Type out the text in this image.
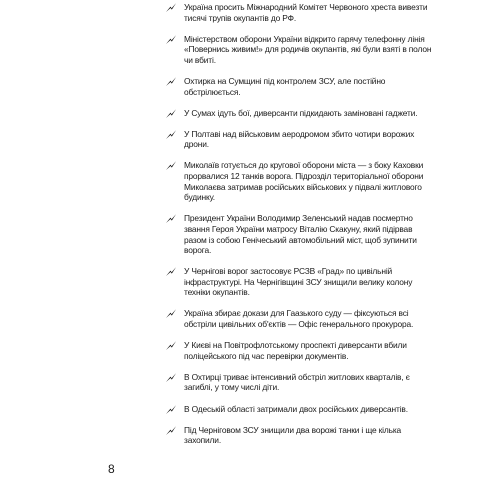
Україна просить Міжнародний Комітет Червоного хреста вивезти тисячі трупів окупантів до РФ.
Міністерством оборони України відкрито гарячу телефонну лінія «Повернись живим!» для родичів окупантів, які були взяті в полон чи вбиті.
Охтирка на Сумщині під контролем ЗСУ, але постійно обстрілюється.
У Сумах ідуть бої, диверсанти підкидають заміновані гаджети.
У Полтаві над військовим аеродромом збито чотири ворожих дрони.
Миколаїв готується до кругової оборони міста — з боку Каховки прорвалися 12 танків ворога. Підрозділ територіальної оборони Миколаєва затримав російських військових у підвалі житлового будинку.
Президент України Володимир Зеленський надав посмертно звання Героя України матросу Віталію Скакуну, який підірвав разом із собою Генічеський автомобільний міст, щоб зупинити ворога.
У Чернігові ворог застосовує РСЗВ «Град» по цивільній інфраструктурі. На Чернігівщині ЗСУ знищили велику колону техніки окупантів.
Україна збирає докази для Гаазького суду — фіксуються всі обстріли цивільних об'єктів — Офіс генерального прокурора.
У Києві на Повітрофлотському проспекті диверсанти вбили поліцейського під час перевірки документів.
В Охтирці триває інтенсивний обстріл житлових кварталів, є загиблі, у тому числі діти.
В Одеській області затримали двох російських диверсантів.
Під Черніговом ЗСУ знищили два ворожі танки і ще кілька захопили.
8
